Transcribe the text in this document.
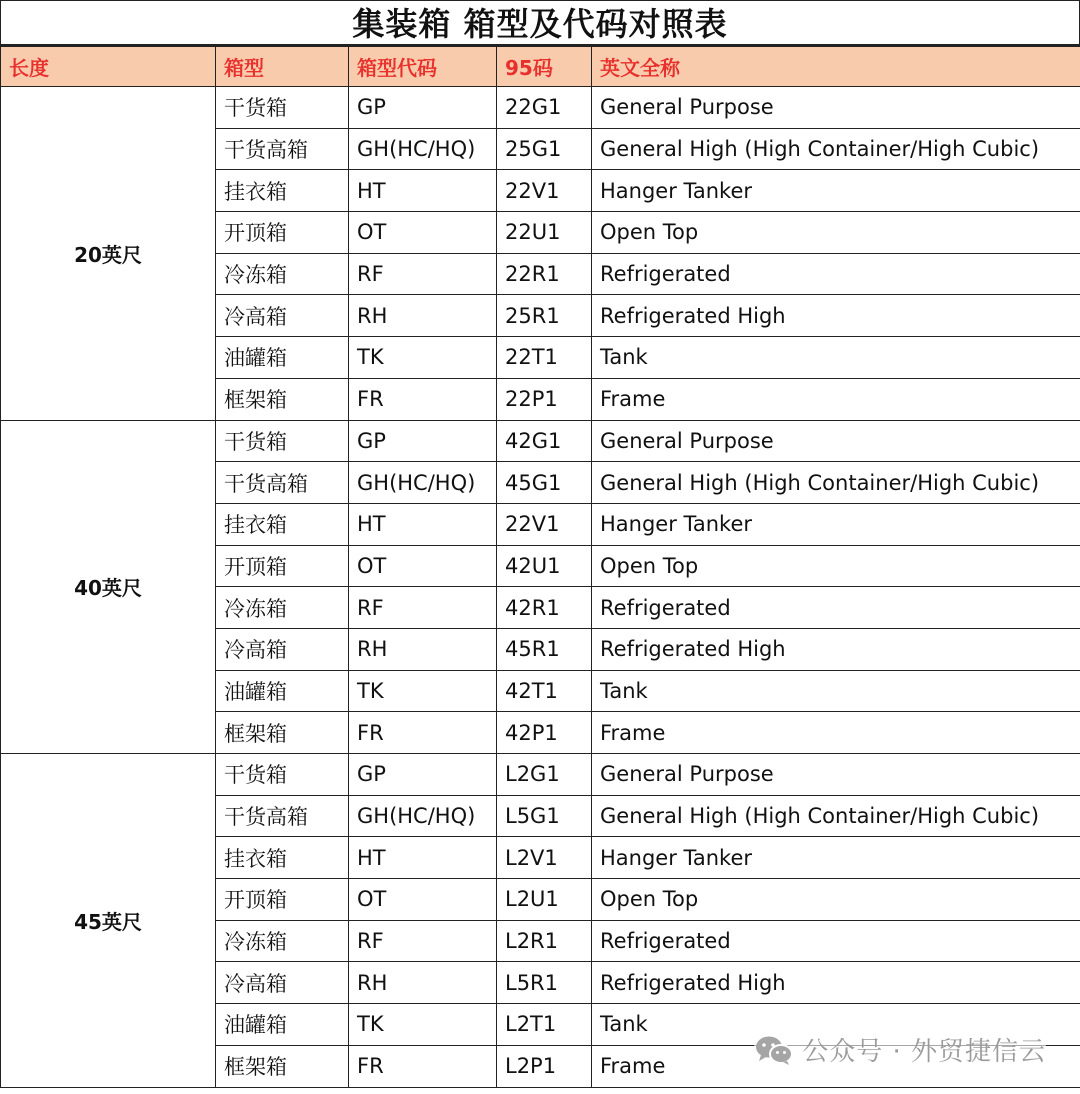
集装箱 箱型及代码对照表
长度	箱型	箱型代码	95码	英文全称
20英尺	干货箱	GP	22G1	General Purpose
	干货高箱	GH(HC/HQ)	25G1	General High (High Container/High Cubic)
	挂衣箱	HT	22V1	Hanger Tanker
	开顶箱	OT	22U1	Open Top
	冷冻箱	RF	22R1	Refrigerated
	冷高箱	RH	25R1	Refrigerated High
	油罐箱	TK	22T1	Tank
	框架箱	FR	22P1	Frame
40英尺	干货箱	GP	42G1	General Purpose
	干货高箱	GH(HC/HQ)	45G1	General High (High Container/High Cubic)
	挂衣箱	HT	22V1	Hanger Tanker
	开顶箱	OT	42U1	Open Top
	冷冻箱	RF	42R1	Refrigerated
	冷高箱	RH	45R1	Refrigerated High
	油罐箱	TK	42T1	Tank
	框架箱	FR	42P1	Frame
45英尺	干货箱	GP	L2G1	General Purpose
	干货高箱	GH(HC/HQ)	L5G1	General High (High Container/High Cubic)
	挂衣箱	HT	L2V1	Hanger Tanker
	开顶箱	OT	L2U1	Open Top
	冷冻箱	RF	L2R1	Refrigerated
	冷高箱	RH	L5R1	Refrigerated High
	油罐箱	TK	L2T1	Tank
	框架箱	FR	L2P1	Frame	公众号 · 外贸捷信云
